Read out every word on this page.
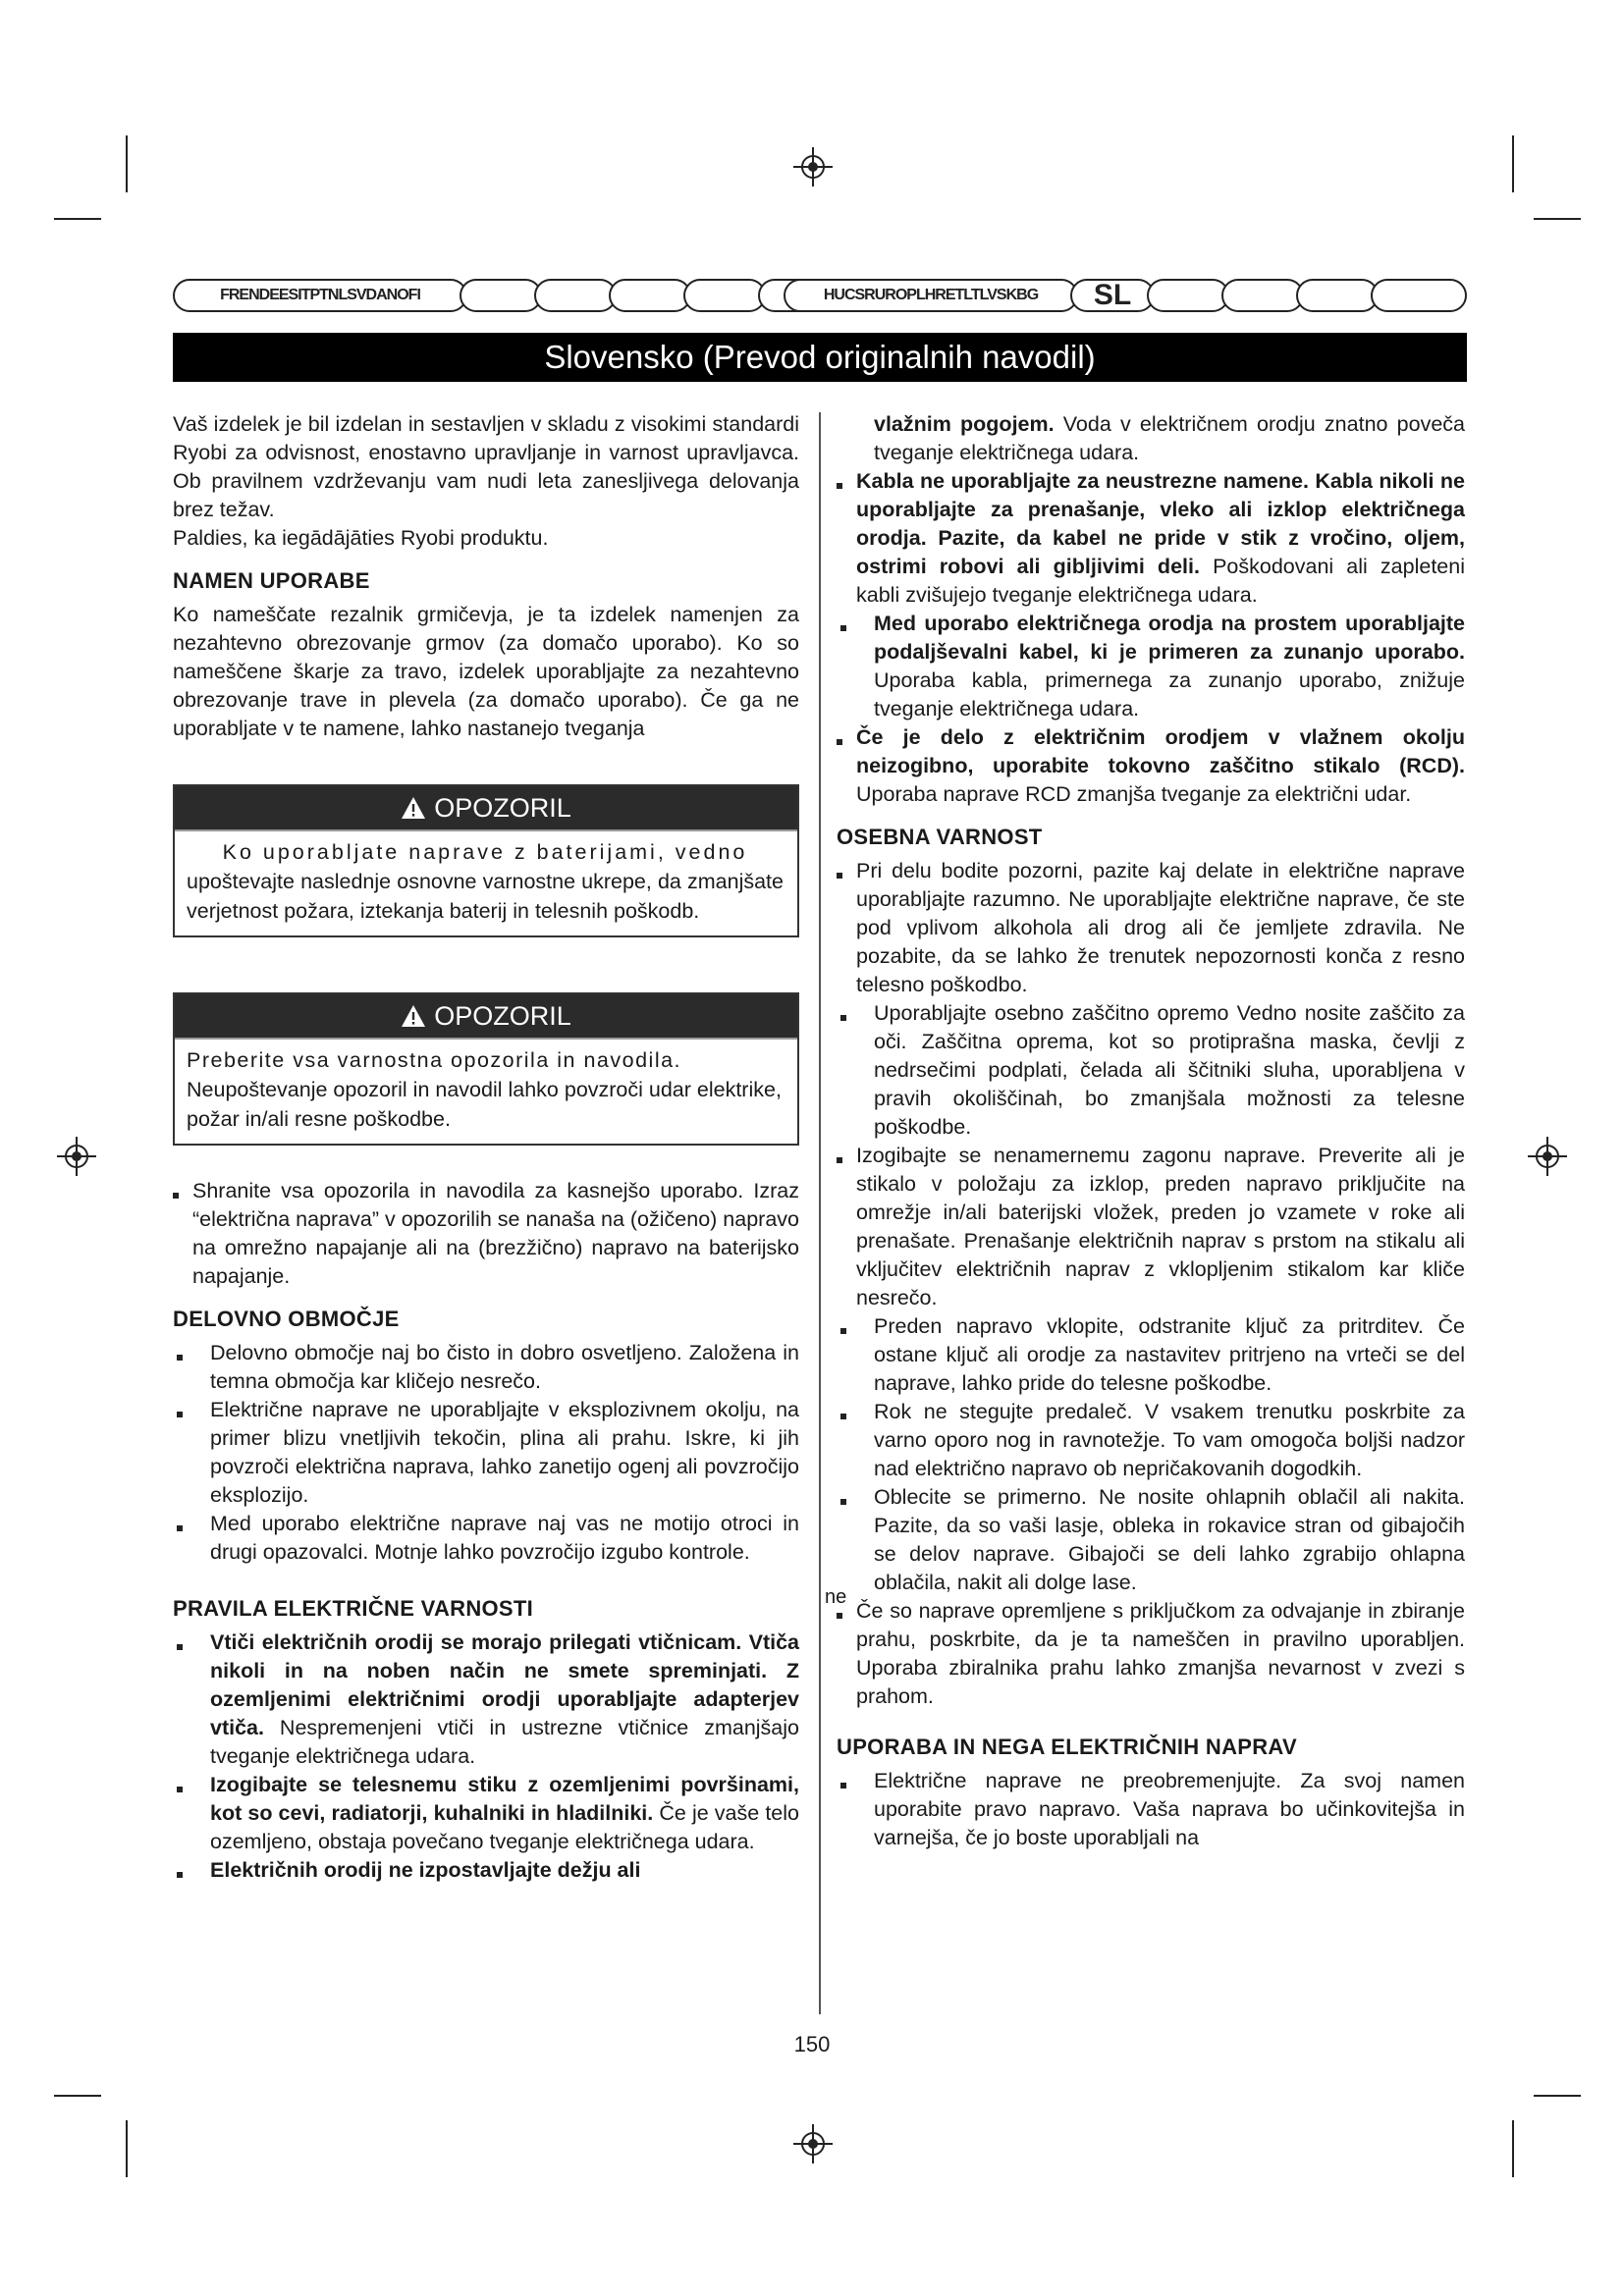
FRENDEESITPTNLSVDANOFI	HUCSRUROPLHRETLTLVSKBG	SL
Slovensko (Prevod originalnih navodil)

Vaš izdelek je bil izdelan in sestavljen v skladu z visokimi standardi Ryobi za odvisnost, enostavno upravljanje in varnost upravljavca. Ob pravilnem vzdrževanju vam nudi leta zanesljivega delovanja brez težav.

Paldies, ka iegādājāties Ryobi produktu.

NAMEN UPORABE

Ko nameščate rezalnik grmičevja, je ta izdelek namenjen za nezahtevno obrezovanje grmov (za domačo uporabo). Ko so nameščene škarje za travo, izdelek uporabljajte za nezahtevno obrezovanje trave in plevela (za domačo uporabo). Če ga ne uporabljate v te namene, lahko nastanejo tveganja

OPOZORIL
Ko uporabljate naprave z baterijami, vedno
upoštevajte naslednje osnovne varnostne ukrepe, da zmanjšate verjetnost požara, iztekanja baterij in telesnih poškodb.
OPOZORIL
Preberite vsa varnostna opozorila in navodila.
Neupoštevanje opozoril in navodil lahko povzroči udar elektrike, požar in/ali resne poškodbe.

Shranite vsa opozorila in navodila za kasnejšo uporabo. Izraz “električna naprava” v opozorilih se nanaša na (ožičeno) napravo na omrežno napajanje ali na (brezžično) napravo na baterijsko napajanje.

DELOVNO OBMOČJE

Delovno območje naj bo čisto in dobro osvetljeno. Založena in temna območja kar kličejo nesrečo.

Električne naprave ne uporabljajte v eksplozivnem okolju, na primer blizu vnetljivih tekočin, plina ali prahu. Iskre, ki jih povzroči električna naprava, lahko zanetijo ogenj ali povzročijo eksplozijo.

Med uporabo električne naprave naj vas ne motijo otroci in drugi opazovalci. Motnje lahko povzročijo izgubo kontrole.

PRAVILA ELEKTRIČNE VARNOSTI

Vtiči električnih orodij se morajo prilegati vtičnicam. Vtiča nikoli in na noben način ne smete spreminjati. Z ozemljenimi električnimi orodji uporabljajte adapterjev vtiča. Nespremenjeni vtiči in ustrezne vtičnice zmanjšajo tveganje električnega udara.

Izogibajte se telesnemu stiku z ozemljenimi površinami, kot so cevi, radiatorji, kuhalniki in hladilniki. Če je vaše telo ozemljeno, obstaja povečano tveganje električnega udara.

Električnih orodij ne izpostavljajte dežju ali

vlažnim pogojem. Voda v električnem orodju znatno poveča tveganje električnega udara.

Kabla ne uporabljajte za neustrezne namene. Kabla nikoli ne uporabljajte za prenašanje, vleko ali izklop električnega orodja. Pazite, da kabel ne pride v stik z vročino, oljem, ostrimi robovi ali gibljivimi deli. Poškodovani ali zapleteni kabli zvišujejo tveganje električnega udara.

Med uporabo električnega orodja na prostem uporabljajte podaljševalni kabel, ki je primeren za zunanjo uporabo. Uporaba kabla, primernega za zunanjo uporabo, znižuje tveganje električnega udara.

Če je delo z električnim orodjem v vlažnem okolju neizogibno, uporabite tokovno zaščitno stikalo (RCD). Uporaba naprave RCD zmanjša tveganje za električni udar.

OSEBNA VARNOST

Pri delu bodite pozorni, pazite kaj delate in električne naprave uporabljajte razumno. Ne uporabljajte električne naprave, če ste pod vplivom alkohola ali drog ali če jemljete zdravila. Ne pozabite, da se lahko že trenutek nepozornosti konča z resno telesno poškodbo.

Uporabljajte osebno zaščitno opremo Vedno nosite zaščito za oči. Zaščitna oprema, kot so protiprašna maska, čevlji z nedrsečimi podplati, čelada ali ščitniki sluha, uporabljena v pravih okoliščinah, bo zmanjšala možnosti za telesne poškodbe.

Izogibajte se nenamernemu zagonu naprave. Preverite ali je stikalo v položaju za izklop, preden napravo priključite na omrežje in/ali baterijski vložek, preden jo vzamete v roke ali prenašate. Prenašanje električnih naprav s prstom na stikalu ali vključitev električnih naprav z vklopljenim stikalom kar kliče nesrečo.

Preden napravo vklopite, odstranite ključ za pritrditev. Če ostane ključ ali orodje za nastavitev pritrjeno na vrteči se del naprave, lahko pride do telesne poškodbe.

Rok ne stegujte predaleč. V vsakem trenutku poskrbite za varno oporo nog in ravnotežje. To vam omogoča boljši nadzor nad električno napravo ob nepričakovanih dogodkih.

Oblecite se primerno. Ne nosite ohlapnih oblačil ali nakita. Pazite, da so vaši lasje, obleka in rokavice stran od gibajočih se delov naprave. Gibajoči se deli lahko zgrabijo ohlapna oblačila, nakit ali dolge lase.

ne
Če so naprave opremljene s priključkom za odvajanje in zbiranje prahu, poskrbite, da je ta nameščen in pravilno uporabljen. Uporaba zbiralnika prahu lahko zmanjša nevarnost v zvezi s prahom.

UPORABA IN NEGA ELEKTRIČNIH NAPRAV

Električne naprave ne preobremenjujte. Za svoj namen uporabite pravo napravo. Vaša naprava bo učinkovitejša in varnejša, če jo boste uporabljali na

150
